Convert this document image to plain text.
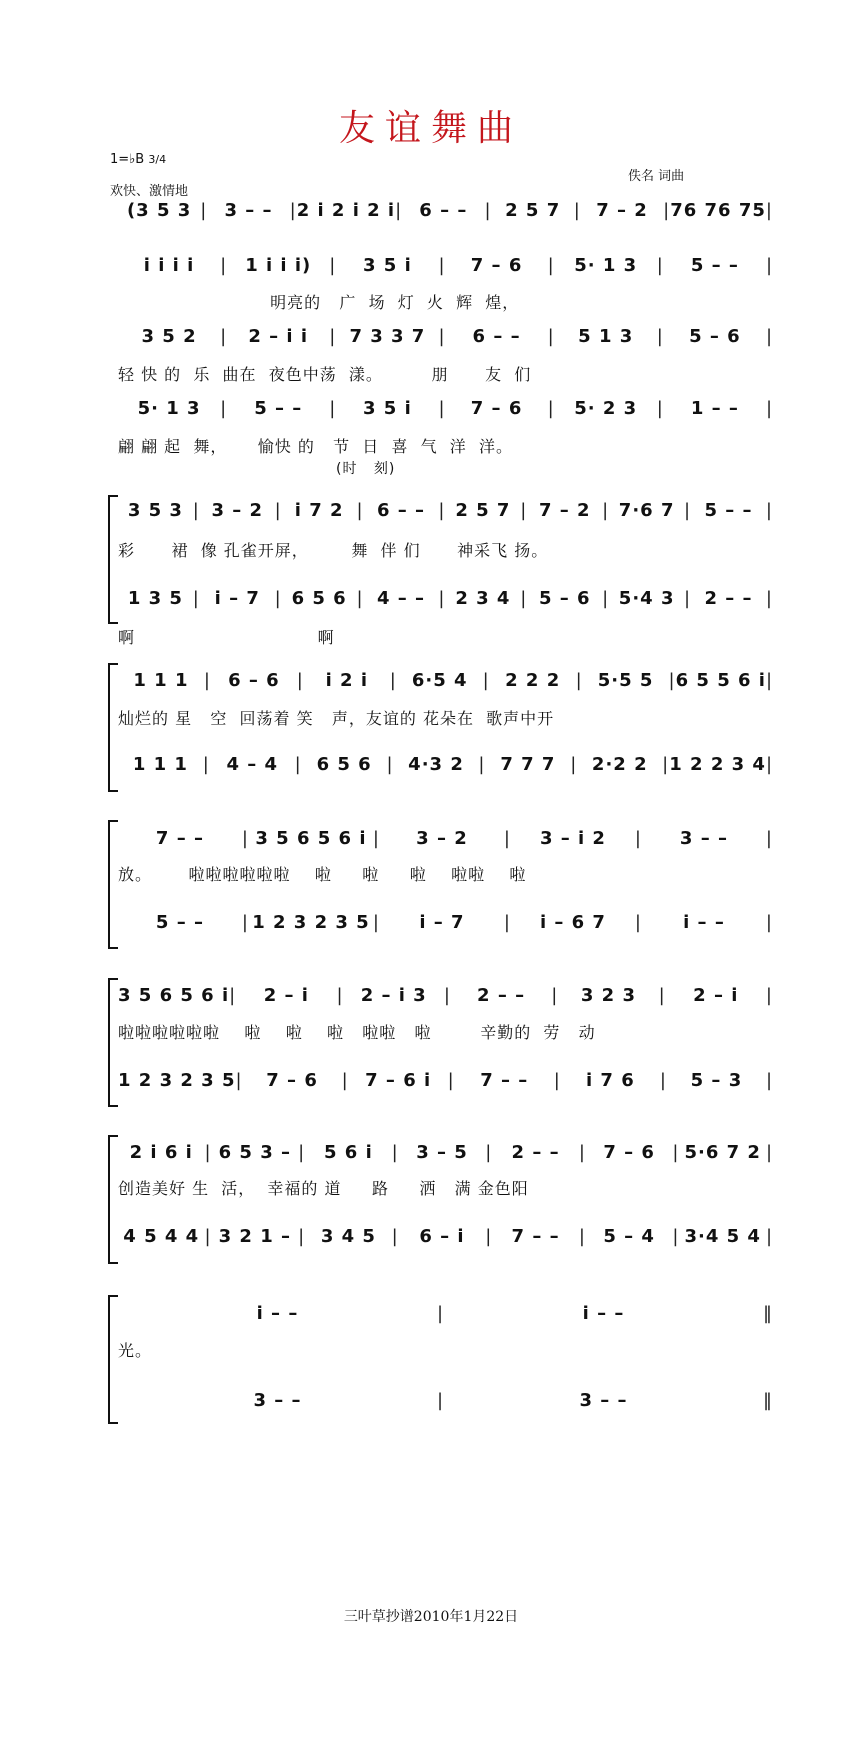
友谊舞曲
1=♭B 3/4
欢快、激情地
佚名 词曲
(3 5 3 | 3 – – | 2 i 2 i 2 i | 6 – – | 2 5 7 | 7 – 2 | 76 76 75 |
i i i i	|	1 i i i)	|	3 5 i	|	7 – 6	|	5· 1 3	|	5 – –	|
3 5 2	|	2 – i i	| 7 3 3 7 |	6 – –	|	5 1 3	|	5 – 6	|
5· 1 3	|	5 – –	|	3 5 i	|	7 – 6	|	5· 2 3	|	1 – –	|
3 5 3 | 3 – 2 | i 7 2 | 6 – – | 2 5 7 | 7 – 2 | 7·6 7 | 5 – – |
1 3 5 | i – 7 | 6 5 6 | 4 – – | 2 3 4 | 5 – 6 | 5·4 3 | 2 – – |
1 1 1 | 6 – 6 |	i 2 i	| 6·5 4 | 2 2 2 | 5·5 5 | 6 5 5 6 i |
1 1 1 | 4 – 4 | 6 5 6 | 4·3 2 | 7 7 7 | 2·2 2 | 1 2 2 3 4 |
7 – –	| 3 5 6 5 6 i |	3 – 2	|	3 – i 2	|	3 – –	|
5 – –	| 1 2 3 2 3 5 |	i – 7	|	i – 6 7	|	i – –	|
3 5 6 5 6 i |	2 – i	| 2 – i 3 |	2 – –	|	3 2 3	|	2 – i	|
1 2 3 2 3 5 |	7 – 6	| 7 – 6 i |	7 – –	|	i 7 6	|	5 – 3	|
2 i 6 i | 6 5 3 – |	5 6 i	| 3 – 5 |	2 – –	| 7 – 6 | 5·6 7 2 |
4 5 4 4 | 3 2 1 – | 3 4 5 |	6 – i	|	7 – –	| 5 – 4 | 3·4 5 4 |
i – –	|	i – –	‖
3 – –	|	3 – –	‖
明亮的   广  场  灯  火  辉  煌，
轻 快 的  乐  曲在  夜色中荡  漾。        朋      友  们
翩 翩 起  舞，     愉快 的   节  日  喜  气  洋  洋。
(时   刻)
彩      裙  像 孔雀开屏，       舞  伴 们      神采飞 扬。
啊                              啊
灿烂的 星   空  回荡着 笑   声，友谊的 花朵在  歌声中开
放。      啦啦啦啦啦啦    啦     啦     啦    啦啦    啦
啦啦啦啦啦啦    啦    啦    啦   啦啦   啦        辛勤的  劳   动
创造美好 生  活，  幸福的 道     路     洒   满 金色阳
光。
三叶草抄谱2010年1月22日
